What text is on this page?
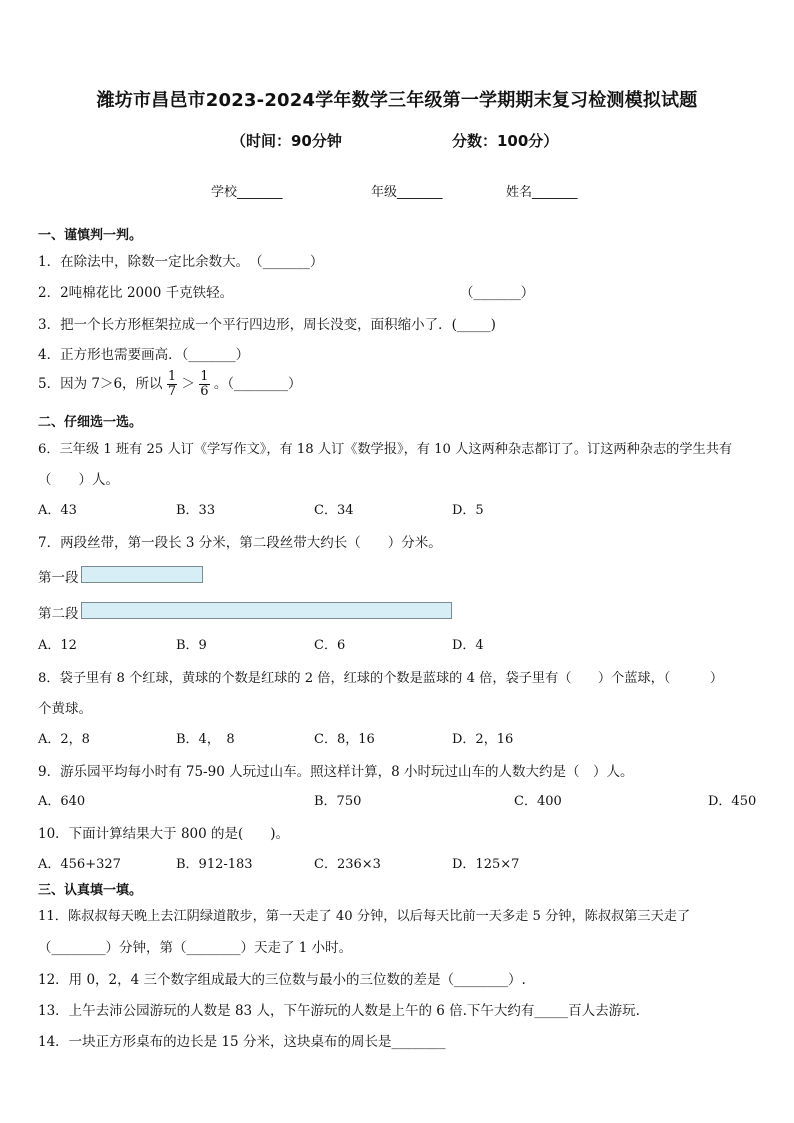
潍坊市昌邑市2023-2024学年数学三年级第一学期期末复习检测模拟试题
（时间：90分钟	分数：100分）
学校_______	年级_______	姓名_______
一、谨慎判一判。
1．在除法中，除数一定比余数大。　（_______）
2．2吨棉花比 2000 千克铁轻。	（_______）
3．把一个长方形框架拉成一个平行四边形，周长没变，面积缩小了．(_____)
4．正方形也需要画高．（_______）
5．因为 7＞6，所以 $\frac{1}{7} > \frac{1}{6}$ 。（________）
二、仔细选一选。
6．三年级 1 班有 25 人订《学写作文》，有 18 人订《数学报》，有 10 人这两种杂志都订了。订这两种杂志的学生共有
（　　）人。
A．43	B．33	C．34	D．5
7．两段丝带，第一段长 3 分米，第二段丝带大约长（　　）分米。
第一段
第二段
A．12	B．9	C．6	D．4
8．袋子里有 8 个红球，黄球的个数是红球的 2 倍，红球的个数是蓝球的 4 倍，袋子里有（　　）个蓝球，（　　　）
个黄球。
A．2，8	B．4，　8	C．8，16	D．2，16
9．游乐园平均每小时有 75-90 人玩过山车。照这样计算，8 小时玩过山车的人数大约是（　）人。
A．640	B．750	C．400	D．450
10．下面计算结果大于 800 的是(　　)。
A．456+327	B．912-183	C．236×3	D．125×7
三、认真填一填。
11．陈叔叔每天晚上去江阴绿道散步，第一天走了 40 分钟，以后每天比前一天多走 5 分钟，陈叔叔第三天走了
（________）分钟，第（________）天走了 1 小时。
12．用 0，2，4 三个数字组成最大的三位数与最小的三位数的差是（________）.
13．上午去沛公园游玩的人数是 83 人，下午游玩的人数是上午的 6 倍.下午大约有_____百人去游玩.
14．一块正方形桌布的边长是 15 分米，这块桌布的周长是________
